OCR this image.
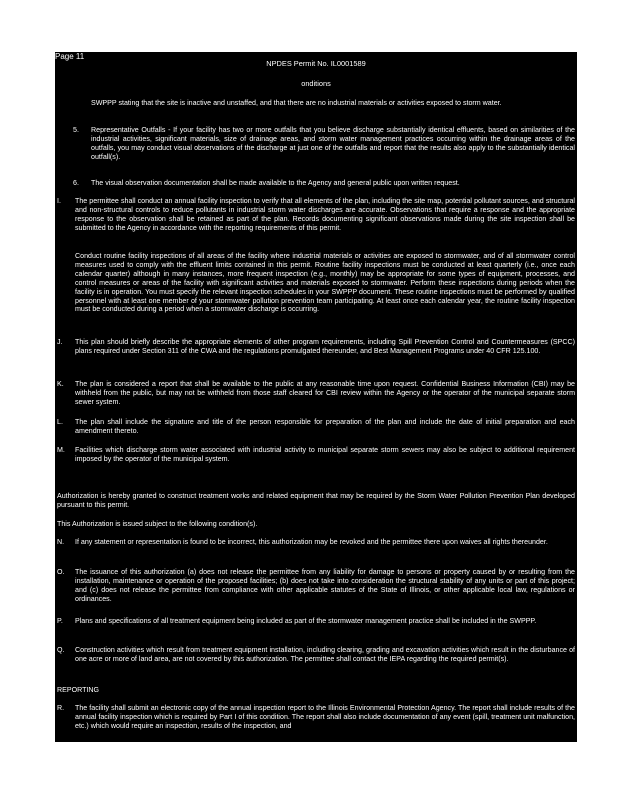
NPDES Permit No. IL0001589
onditions
SWPPP stating that the site is inactive and unstaffed, and that there are no industrial materials or activities exposed to storm water.
5. Representative Outfalls - If your facility has two or more outfalls that you believe discharge substantially identical effluents, based on similarities of the industrial activities, significant materials, size of drainage areas, and storm water management practices occurring within the drainage areas of the outfalls, you may conduct visual observations of the discharge at just one of the outfalls and report that the results also apply to the substantially identical outfall(s).
6. The visual observation documentation shall be made available to the Agency and general public upon written request.
I. The permittee shall conduct an annual facility inspection to verify that all elements of the plan, including the site map, potential pollutant sources, and structural and non-structural controls to reduce pollutants in industrial storm water discharges are accurate. Observations that require a response and the appropriate response to the observation shall be retained as part of the plan. Records documenting significant observations made during the site inspection shall be submitted to the Agency in accordance with the reporting requirements of this permit.
Conduct routine facility inspections of all areas of the facility where industrial materials or activities are exposed to stormwater, and of all stormwater control measures used to comply with the effluent limits contained in this permit. Routine facility inspections must be conducted at least quarterly (i.e., once each calendar quarter) although in many instances, more frequent inspection (e.g., monthly) may be appropriate for some types of equipment, processes, and control measures or areas of the facility with significant activities and materials exposed to stormwater. Perform these inspections during periods when the facility is in operation. You must specify the relevant inspection schedules in your SWPPP document. These routine inspections must be performed by qualified personnel with at least one member of your stormwater pollution prevention team participating. At least once each calendar year, the routine facility inspection must be conducted during a period when a stormwater discharge is occurring.
J. This plan should briefly describe the appropriate elements of other program requirements, including Spill Prevention Control and Countermeasures (SPCC) plans required under Section 311 of the CWA and the regulations promulgated thereunder, and Best Management Programs under 40 CFR 125.100.
K. The plan is considered a report that shall be available to the public at any reasonable time upon request. Confidential Business Information (CBI) may be withheld from the public, but may not be withheld from those staff cleared for CBI review within the Agency or the operator of the municipal separate storm sewer system.
L. The plan shall include the signature and title of the person responsible for preparation of the plan and include the date of initial preparation and each amendment thereto.
M. Facilities which discharge storm water associated with industrial activity to municipal separate storm sewers may also be subject to additional requirement imposed by the operator of the municipal system.
Authorization is hereby granted to construct treatment works and related equipment that may be required by the Storm Water Pollution Prevention Plan developed pursuant to this permit.
This Authorization is issued subject to the following condition(s).
N. If any statement or representation is found to be incorrect, this authorization may be revoked and the permittee there upon waives all rights thereunder.
O. The issuance of this authorization (a) does not release the permittee from any liability for damage to persons or property caused by or resulting from the installation, maintenance or operation of the proposed facilities; (b) does not take into consideration the structural stability of any units or part of this project; and (c) does not release the permittee from compliance with other applicable statutes of the State of Illinois, or other applicable local law, regulations or ordinances.
P. Plans and specifications of all treatment equipment being included as part of the stormwater management practice shall be included in the SWPPP.
Q. Construction activities which result from treatment equipment installation, including clearing, grading and excavation activities which result in the disturbance of one acre or more of land area, are not covered by this authorization. The permittee shall contact the IEPA regarding the required permit(s).
REPORTING
R. The facility shall submit an electronic copy of the annual inspection report to the Illinois Environmental Protection Agency. The report shall include results of the annual facility inspection which is required by Part I of this condition. The report shall also include documentation of any event (spill, treatment unit malfunction, etc.) which would require an inspection, results of the inspection, and
Page 11
